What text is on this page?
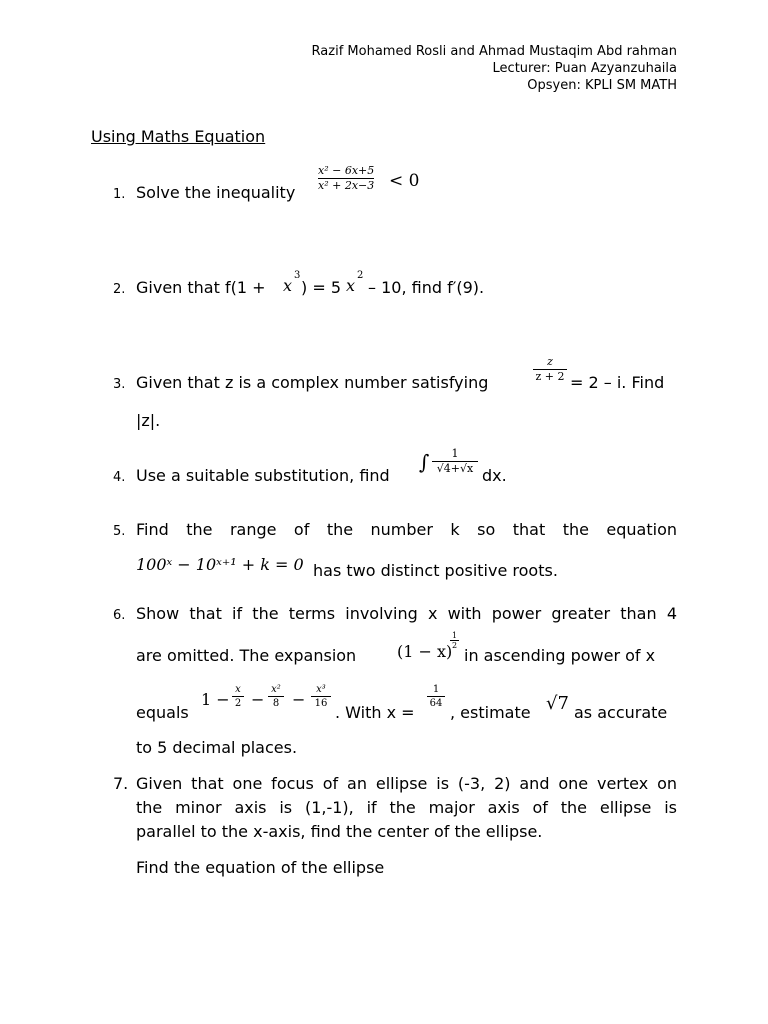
Razif Mohamed Rosli and Ahmad Mustaqim Abd rahman
Lecturer: Puan Azyanzuhaila
Opsyen: KPLI SM MATH
Using Maths Equation
1. Solve the inequality
x² − 6x+5
x² + 2x−3 < 0
2. Given that f(1 + x
3
) = 5 x
2
– 10, find f′(9).
3. Given that z is a complex number satisfying
z
z + 2 = 2 – i. Find
|z|.
4. Use a suitable substitution, find
∫	1
√4+√x dx.
5. Find the range of the number k so that the equation
100ˣ − 10ˣ⁺¹ + k = 0 has two distinct positive roots.
6. Show that if the terms involving x with power greater than 4
are omitted. The expansion	(1 − x)
1
2
in ascending power of x
equals
1 −
x
2 −
x²
8 −
x³
16 . With x =
1
64 , estimate √7 as accurate
to 5 decimal places.
7. Given that one focus of an ellipse is (-3, 2) and one vertex on
the minor axis is (1,-1), if the major axis of the ellipse is
parallel to the x-axis, find the center of the ellipse.
Find the equation of the ellipse
